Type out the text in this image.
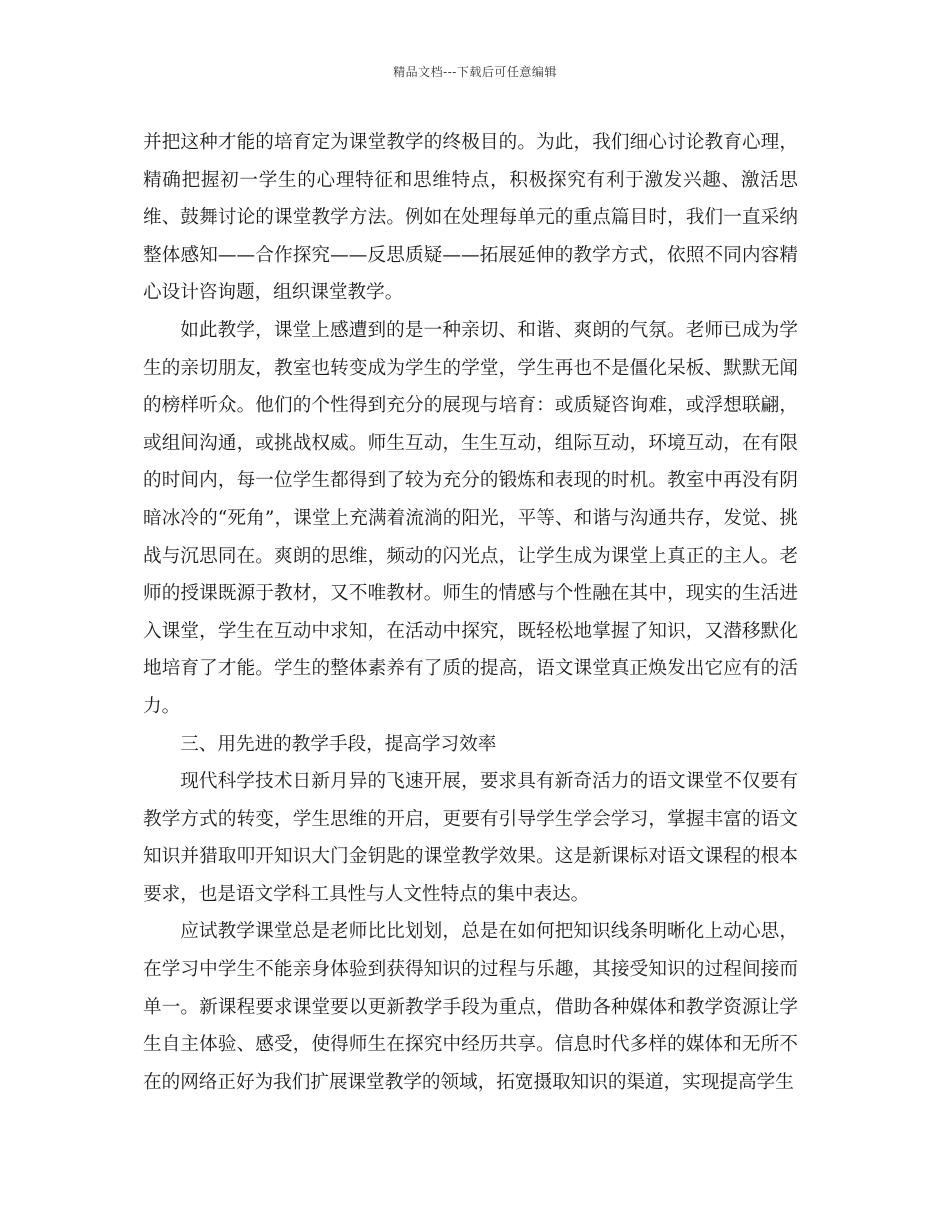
精品文档---下载后可任意编辑

并把这种才能的培育定为课堂教学的终极目的。为此，我们细心讨论教育心理，精确把握初一学生的心理特征和思维特点，积极探究有利于激发兴趣、激活思维、鼓舞讨论的课堂教学方法。例如在处理每单元的重点篇目时，我们一直采纳整体感知——合作探究——反思质疑——拓展延伸的教学方式，依照不同内容精心设计咨询题，组织课堂教学。

如此教学，课堂上感遭到的是一种亲切、和谐、爽朗的气氛。老师已成为学生的亲切朋友，教室也转变成为学生的学堂，学生再也不是僵化呆板、默默无闻的榜样听众。他们的个性得到充分的展现与培育：或质疑咨询难，或浮想联翩，或组间沟通，或挑战权威。师生互动，生生互动，组际互动，环境互动，在有限的时间内，每一位学生都得到了较为充分的锻炼和表现的时机。教室中再没有阴暗冰冷的“死角”，课堂上充满着流淌的阳光，平等、和谐与沟通共存，发觉、挑战与沉思同在。爽朗的思维，频动的闪光点，让学生成为课堂上真正的主人。老师的授课既源于教材，又不唯教材。师生的情感与个性融在其中，现实的生活进入课堂，学生在互动中求知，在活动中探究，既轻松地掌握了知识，又潜移默化地培育了才能。学生的整体素养有了质的提高，语文课堂真正焕发出它应有的活力。

三、用先进的教学手段，提高学习效率

现代科学技术日新月异的飞速开展，要求具有新奇活力的语文课堂不仅要有教学方式的转变，学生思维的开启，更要有引导学生学会学习，掌握丰富的语文知识并猎取叩开知识大门金钥匙的课堂教学效果。这是新课标对语文课程的根本要求，也是语文学科工具性与人文性特点的集中表达。

应试教学课堂总是老师比比划划，总是在如何把知识线条明晰化上动心思，在学习中学生不能亲身体验到获得知识的过程与乐趣，其接受知识的过程间接而单一。新课程要求课堂要以更新教学手段为重点，借助各种媒体和教学资源让学生自主体验、感受，使得师生在探究中经历共享。信息时代多样的媒体和无所不在的网络正好为我们扩展课堂教学的领域，拓宽摄取知识的渠道，实现提高学生
